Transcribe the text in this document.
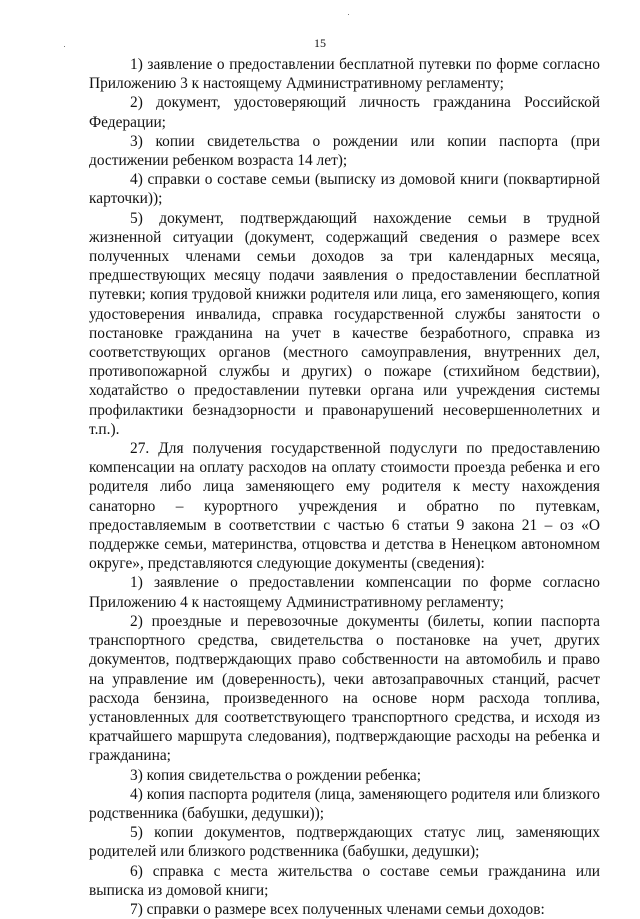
15

1) заявление о предоставлении бесплатной путевки по форме согласно Приложению 3 к настоящему Административному регламенту;

2) документ, удостоверяющий личность гражданина Российской Федерации;

3) копии свидетельства о рождении или копии паспорта (при достижении ребенком возраста 14 лет);

4) справки о составе семьи (выписку из домовой книги (поквартирной карточки));

5) документ, подтверждающий нахождение семьи в трудной жизненной ситуации (документ, содержащий сведения о размере всех полученных членами семьи доходов за три календарных месяца, предшествующих месяцу подачи заявления о предоставлении бесплатной путевки; копия трудовой книжки родителя или лица, его заменяющего, копия удостоверения инвалида, справка государственной службы занятости о постановке гражданина на учет в качестве безработного, справка из соответствующих органов (местного самоуправления, внутренних дел, противопожарной службы и других) о пожаре (стихийном бедствии), ходатайство о предоставлении путевки органа или учреждения системы профилактики безнадзорности и правонарушений несовершеннолетних и т.п.).

27. Для получения государственной подуслуги по предоставлению компенсации на оплату расходов на оплату стоимости проезда ребенка и его родителя либо лица заменяющего ему родителя к месту нахождения санаторно – курортного учреждения и обратно по путевкам, предоставляемым в соответствии с частью 6 статьи 9 закона 21 – оз «О поддержке семьи, материнства, отцовства и детства в Ненецком автономном округе», представляются следующие документы (сведения):

1) заявление о предоставлении компенсации по форме согласно Приложению 4 к настоящему Административному регламенту;

2) проездные и перевозочные документы (билеты, копии паспорта транспортного средства, свидетельства о постановке на учет, других документов, подтверждающих право собственности на автомобиль и право на управление им (доверенность), чеки автозаправочных станций, расчет расхода бензина, произведенного на основе норм расхода топлива, установленных для соответствующего транспортного средства, и исходя из кратчайшего маршрута следования), подтверждающие расходы на ребенка и гражданина;

3) копия свидетельства о рождении ребенка;

4) копия паспорта родителя (лица, заменяющего родителя или близкого родственника (бабушки, дедушки));

5) копии документов, подтверждающих статус лиц, заменяющих родителей или близкого родственника (бабушки, дедушки);

6) справка с места жительства о составе семьи гражданина или выписка из домовой книги;

7) справки о размере всех полученных членами семьи доходов:
